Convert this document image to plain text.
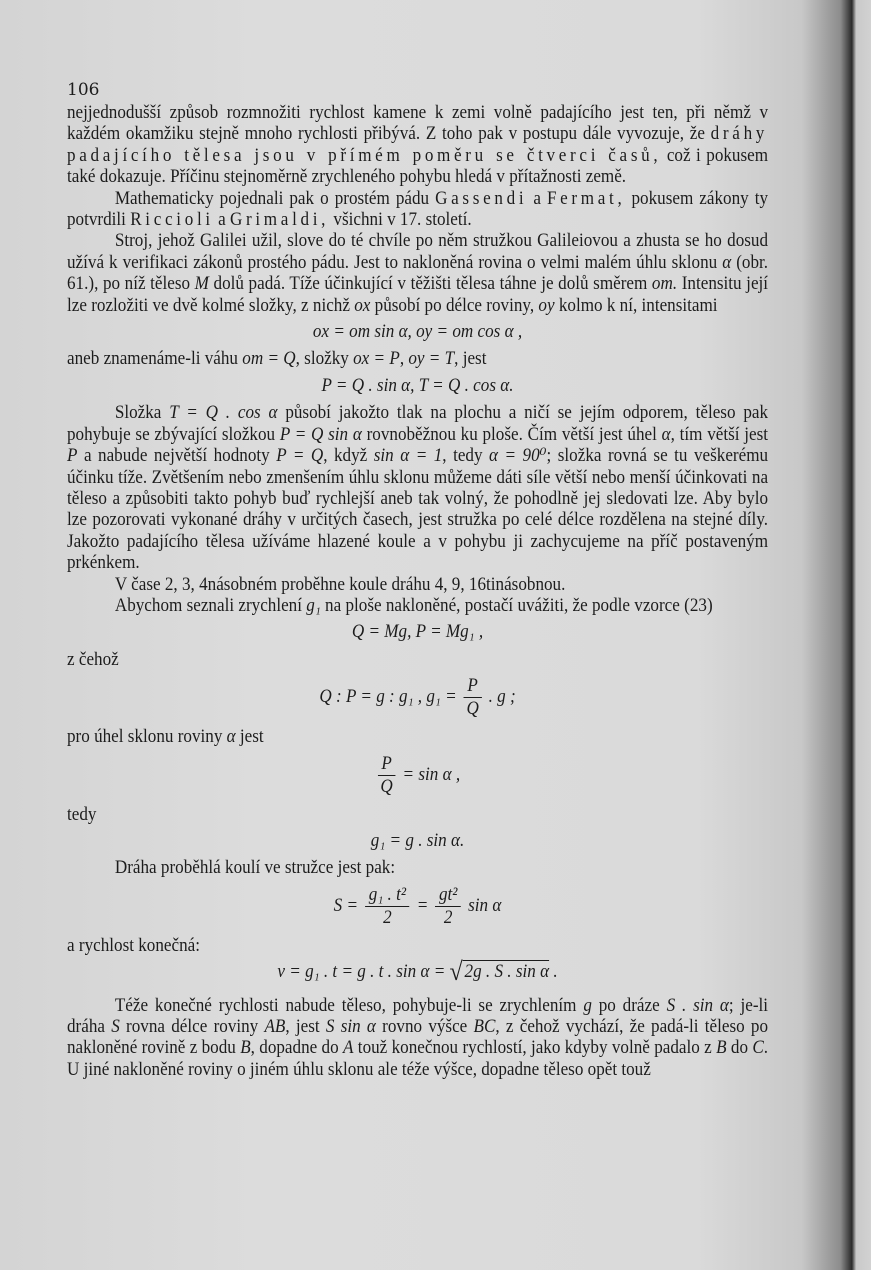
106

nejjednodušší způsob rozmnožiti rychlost kamene k zemi volně padajícího jest ten, při němž v každém okamžiku stejně mnoho rychlosti přibývá. Z toho pak v postupu dále vyvozuje, že dráhy padajícího tělesa jsou v přímém poměru se čtverci časů, což i pokusem také dokazuje. Příčinu stejnoměrně zrychleného pohybu hledá v přítažnosti země.

Mathematicky pojednali pak o prostém pádu Gassendi a Fermat, pokusem zákony ty potvrdili Riccioli a Grimaldi, všichni v 17. století.

Stroj, jehož Galilei užil, slove do té chvíle po něm stružkou Galileiovou a zhusta se ho dosud užívá k verifikaci zákonů prostého pádu. Jest to nakloněná rovina o velmi malém úhlu sklonu α (obr. 61.), po níž těleso M dolů padá. Tíže účinkující v těžišti tělesa táhne je dolů směrem om. Intensitu její lze rozložiti ve dvě kolmé složky, z nichž ox působí po délce roviny, oy kolmo k ní, intensitami

ox = om sin α, oy = om cos α ,

aneb znamenáme-li váhu om = Q, složky ox = P, oy = T, jest

P = Q . sin α, T = Q . cos α.

Složka T = Q . cos α působí jakožto tlak na plochu a ničí se jejím odporem, těleso pak pohybuje se zbývající složkou P = Q sin α rovnoběžnou ku ploše. Čím větší jest úhel α, tím větší jest P a nabude největší hodnoty P = Q, když sin α = 1, tedy α = 90⁰; složka rovná se tu veškerému účinku tíže. Zvětšením nebo zmenšením úhlu sklonu můžeme dáti síle větší nebo menší účinkovati na těleso a způsobiti takto pohyb buď rychlejší aneb tak volný, že pohodlně jej sledovati lze. Aby bylo lze pozorovati vykonané dráhy v určitých časech, jest stružka po celé délce rozdělena na stejné díly. Jakožto padajícího tělesa užíváme hlazené koule a v pohybu ji zachycujeme na příč postaveným prkénkem.

V čase 2, 3, 4násobném proběhne koule dráhu 4, 9, 16tinásobnou.

Abychom seznali zrychlení g₁ na ploše nakloněné, postačí uvážiti, že podle vzorce (23)

Q = Mg, P = Mg₁ ,

z čehož

Q : P = g : g₁ , $g_1 = \frac{P}{Q}$ . g ;

pro úhel sklonu roviny α jest

$\frac{P}{Q} = \sin \alpha$ ,

tedy

g₁ = g . sin α.

Dráha proběhlá koulí ve stružce jest pak:

$S = \frac{\text{g₁ . t²}}{2} = \frac{\text{gt²}}{2}$ sin α

a rychlost konečná:

v = g₁ . t = g . t . sin α = √2g . S . sin α .

Téže konečné rychlosti nabude těleso, pohybuje-li se zrychlením g po dráze S . sin α; je-li dráha S rovna délce roviny AB, jest S sin α rovno výšce BC, z čehož vychází, že padá-li těleso po nakloněné rovině z bodu B, dopadne do A touž konečnou rychlostí, jako kdyby volně padalo z B do C. U jiné nakloněné roviny o jiném úhlu sklonu ale téže výšce, dopadne těleso opět touž
